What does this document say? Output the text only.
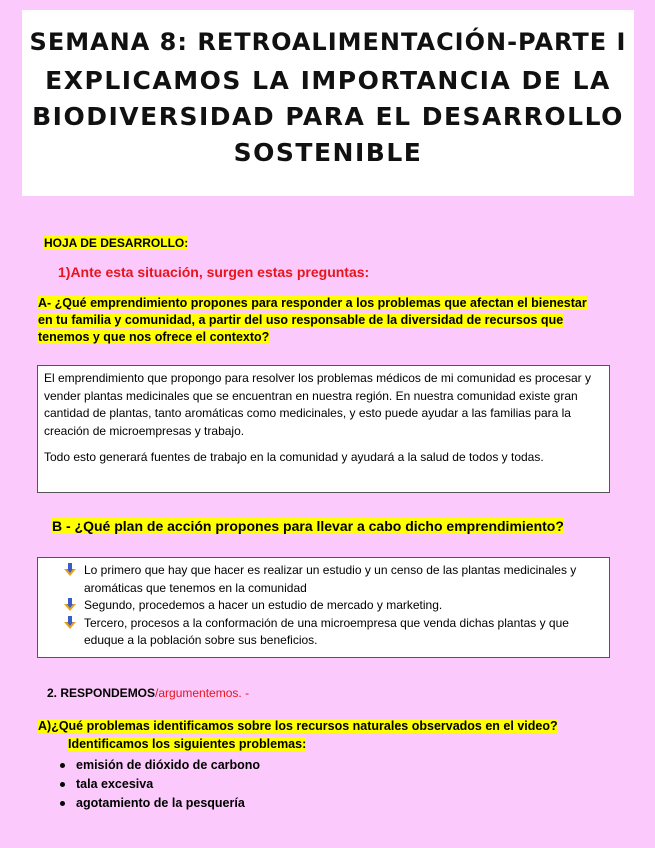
SEMANA 8: RETROALIMENTACIÓN-PARTE I
EXPLICAMOS LA IMPORTANCIA DE LA
BIODIVERSIDAD PARA EL DESARROLLO
SOSTENIBLE
HOJA DE DESARROLLO:
1)Ante esta situación, surgen estas preguntas:
A- ¿Qué emprendimiento propones para responder a los problemas que afectan el bienestar en tu familia y comunidad, a partir del uso responsable de la diversidad de recursos que tenemos y que nos ofrece el contexto?

El emprendimiento que propongo para resolver los problemas médicos de mi comunidad es procesar y vender plantas medicinales que se encuentran en nuestra región. En nuestra comunidad existe gran cantidad de plantas, tanto aromáticas como medicinales, y esto puede ayudar a las familias para la creación de microempresas y trabajo.

Todo esto generará fuentes de trabajo en la comunidad y ayudará a la salud de todos y todas.

B - ¿Qué plan de acción propones para llevar a cabo dicho emprendimiento?
Lo primero que hay que hacer es realizar un estudio y un censo de las plantas medicinales y aromáticas que tenemos en la comunidad
Segundo, procedemos a hacer un estudio de mercado y marketing.
Tercero, procesos a la conformación de una microempresa que venda dichas plantas y que eduque a la población sobre sus beneficios.
2. RESPONDEMOS/argumentemos. -
A)¿Qué problemas identificamos sobre los recursos naturales observados en el video?
Identificamos los siguientes problemas:
emisión de dióxido de carbono
tala excesiva
agotamiento de la pesquería
